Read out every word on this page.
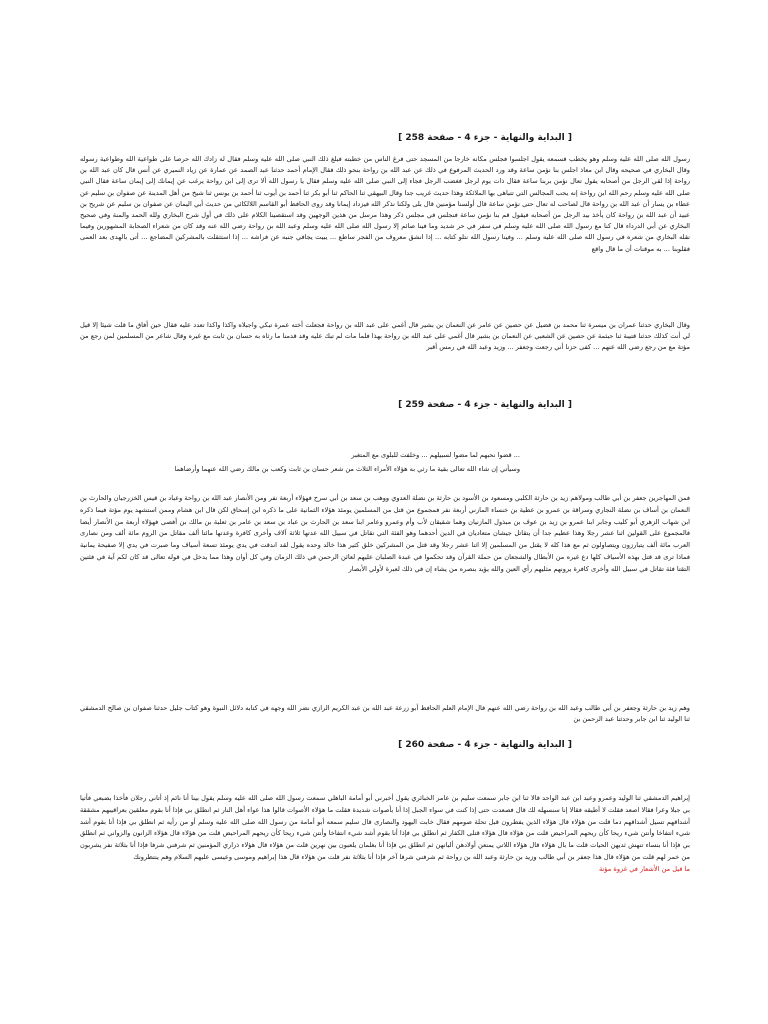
[ البداية والنهاية - جزء 4 - صفحة 258 ]

رسول الله صلى الله عليه وسلم وهو يخطب فسمعه يقول اجلسوا فجلس مكانه خارجا من المسجد حتى فرغ الناس من خطبته فبلغ ذلك النبي صلى الله عليه وسلم فقال له زادك الله حرصا على طواعية الله وطواعية رسوله وقال البخاري في صحيحه وقال ابن معاذ اجلس بنا نؤمن ساعة وقد ورد الحديث المرفوع في ذلك عن عبد الله بن رواحة بنحو ذلك فقال الإمام أحمد حدثنا عبد الصمد عن عمارة عن زياد النميري عن أنس قال كان عبد الله بن رواحة إذا لقي الرجل من أصحابه يقول تعال نؤمن بربنا ساعة فقال ذات يوم لرجل فغضب الرجل فجاء إلى النبي صلى الله عليه وسلم فقال يا رسول الله ألا ترى إلى ابن رواحة يرغب عن إيمانك إلى إيمان ساعة فقال النبي صلى الله عليه وسلم رحم الله ابن رواحة إنه يحب المجالس التي تتباهى بها الملائكة وهذا حديث غريب جدا وقال البيهقي ثنا الحاكم ثنا أبو بكر ثنا أحمد بن أيوب ثنا أحمد بن يونس ثنا شيخ من أهل المدينة عن صفوان بن سليم عن عطاء بن يسار أن عبد الله بن رواحة قال لصاحب له تعال حتى نؤمن ساعة قال أولسنا مؤمنين قال بلى ولكنا نذكر الله فيزداد إيمانا وقد روى الحافظ أبو القاسم اللالكائي من حديث أبي اليمان عن صفوان بن سليم عن شريح بن عبيد أن عبد الله بن رواحة كان يأخذ بيد الرجل من أصحابه فيقول قم بنا نؤمن ساعة فنجلس في مجلس ذكر وهذا مرسل من هذين الوجهين وقد استقصينا الكلام على ذلك في أول شرح البخاري ولله الحمد والمنة وفي صحيح البخاري عن أبي الدرداء قال كنا مع رسول الله صلى الله عليه وسلم في سفر في حر شديد وما فينا صائم إلا رسول الله صلى الله عليه وسلم وعبد الله بن رواحة رضي الله عنه وقد كان من شعراء الصحابة المشهورين وفيما نقله البخاري من شعره في رسول الله صلى الله عليه وسلم ... وفينا رسول الله نتلو كتابه ... إذا انشق معروف من الفجر ساطع ... يبيت يجافي جنبه عن فراشه ... إذا استثقلت بالمشركين المضاجع ... أتى بالهدى بعد العمى فقلوبنا ... به موقنات أن ما قال واقع

وقال البخاري حدثنا عمران بن ميسرة ثنا محمد بن فضيل عن حصين عن عامر عن النعمان بن بشير قال أغمي على عبد الله بن رواحة فجعلت أخته عمرة تبكي واجبلاه واكذا واكذا تعدد عليه فقال حين أفاق ما قلت شيئا إلا قيل لي أنت كذلك حدثنا قتيبة ثنا حبثمة عن حصين عن الشعبي عن النعمان بن بشير قال أغمي على عبد الله بن رواحة بهذا فلما مات لم تبك عليه وقد قدمنا ما رثاه به حسان بن ثابت مع غيره وقال شاعر من المسلمين لمن رجع من مؤتة مع من رجع رضي الله عنهم ... كفى حزنا أني رجعت وجعفر ... وزيد وعبد الله في رمس أقبر

[ البداية والنهاية - جزء 4 - صفحة 259 ]

... قضوا نحبهم لما مضوا لسبيلهم ... وخلفت للبلوى مع المتغبر

وسيأتي إن شاء الله تعالى بقية ما رثي به هؤلاء الأمراء الثلاث من شعر حسان بن ثابت وكعب بن مالك رضي الله عنهما وأرضاهما

فمن المهاجرين جعفر بن أبي طالب ومولاهم زيد بن حارثة الكلبي ومسعود بن الأسود بن حارثة بن نضلة العدوي ووهب بن سعد بن أبي سرح فهؤلاء أربعة نفر ومن الأنصار عبد الله بن رواحة وعباد بن قيس الخزرجيان والحارث بن النعمان بن أساف بن نضلة النجاري وسراقة بن عمرو بن عطية بن خنساء المازني أربعة نفر فمجموع من قتل من المسلمين يومئذ هؤلاء الثمانية على ما ذكره ابن إسحاق لكن قال ابن هشام وممن استشهد يوم مؤتة فيما ذكره ابن شهاب الزهري أبو كليب وجابر ابنا عمرو بن زيد بن عوف بن مبذول المازنيان وهما شقيقان لأب وأم وعمرو وعامر ابنا سعد بن الحارث بن عباد بن سعد بن عامر بن ثعلبة بن مالك بن أفصى فهؤلاء أربعة من الأنصار أيضا فالمجموع على القولين اثنا عشر رجلا وهذا عظيم جدا أن يتقاتل جيشان متعاديان في الدين أحدهما وهو الفئة التي تقاتل في سبيل الله عدتها ثلاثة آلاف وأخرى كافرة وعدتها مائتا ألف مقاتل من الروم مائة ألف ومن نصارى العرب مائة ألف يتبارزون ويتصاولون ثم مع هذا كله لا يقتل من المسلمين إلا اثنا عشر رجلا وقد قتل من المشركين خلق كثير هذا خالد وحده يقول لقد اندقت في يدي يومئذ تسعة أسياف وما صبرت في يدي إلا صفيحة يمانية فماذا ترى قد قتل بهذه الأسياف كلها دع غيره من الأبطال والشجعان من حملة القرآن وقد تحكموا في عبدة الصلبان عليهم لعائن الرحمن في ذلك الزمان وفي كل أوان وهذا مما يدخل في قوله تعالى قد كان لكم آية في فئتين التقتا فئة تقاتل في سبيل الله وأخرى كافرة يرونهم مثليهم رأي العين والله يؤيد بنصره من يشاء إن في ذلك لعبرة لأولي الأبصار

وهم زيد بن حارثة وجعفر بن أبي طالب وعبد الله بن رواحة رضي الله عنهم قال الإمام العلم الحافظ أبو زرعة عبد الله بن عبد الكريم الرازي نضر الله وجهه في كتابه دلائل النبوة وهو كتاب جليل حدثنا صفوان بن صالح الدمشقي ثنا الوليد ثنا ابن جابر وحدثنا عبد الرحمن بن

[ البداية والنهاية - جزء 4 - صفحة 260 ]

إبراهيم الدمشقي ثنا الوليد وعمرو وعبد ابن عبد الواحد قالا ثنا ابن جابر سمعت سليم بن عامر الخبائري يقول أخبرني أبو أمامة الباهلي سمعت رسول الله صلى الله عليه وسلم يقول بينا أنا نائم إذ أتاني رجلان فأخذا بضبعي فأتيا بي جبلا وعرا فقالا اصعد فقلت لا أطيقه فقالا إنا سنسهله لك قال فصعدت حتى إذا كنت في سواء الجبل إذا أنا بأصوات شديدة فقلت ما هؤلاء الأصوات قالوا هذا عواء أهل النار ثم انطلق بي فإذا أنا بقوم معلقين بعراقيبهم مشققة أشداقهم تسيل أشداقهم دما قلت من هؤلاء قال هؤلاء الذين يفطرون قبل تحلة صومهم فقال خابت اليهود والنصارى قال سليم سمعه أبو أمامة من رسول الله صلى الله عليه وسلم أو من رأيه ثم انطلق بي فإذا أنا بقوم أشد شيء انتفاخا وأنتن شيء ريحا كأن ريحهم المراحيض قلت من هؤلاء قال هؤلاء قتلى الكفار ثم انطلق بي فإذا أنا بقوم أشد شيء انتفاخا وأنتن شيء ريحا كأن ريحهم المراحيض قلت من هؤلاء قال هؤلاء الزانون والزواني ثم انطلق بي فإذا أنا بنساء تنهش ثديهن الحيات قلت ما بال هؤلاء قال هؤلاء اللاتي يمنعن أولادهن ألبانهن ثم انطلق بي فإذا أنا بغلمان يلعبون بين نهرين قلت من هؤلاء قال هؤلاء ذراري المؤمنين ثم شرفني شرفا فإذا أنا بثلاثة نفر يشربون من خمر لهم قلت من هؤلاء قال هذا جعفر بن أبي طالب وزيد بن حارثة وعبد الله بن رواحة ثم شرفني شرفا آخر فإذا أنا بثلاثة نفر قلت من هؤلاء قال هذا إبراهيم وموسى وعيسى عليهم السلام وهم ينتظرونك

ما قيل من الأشعار في غزوة مؤتة
